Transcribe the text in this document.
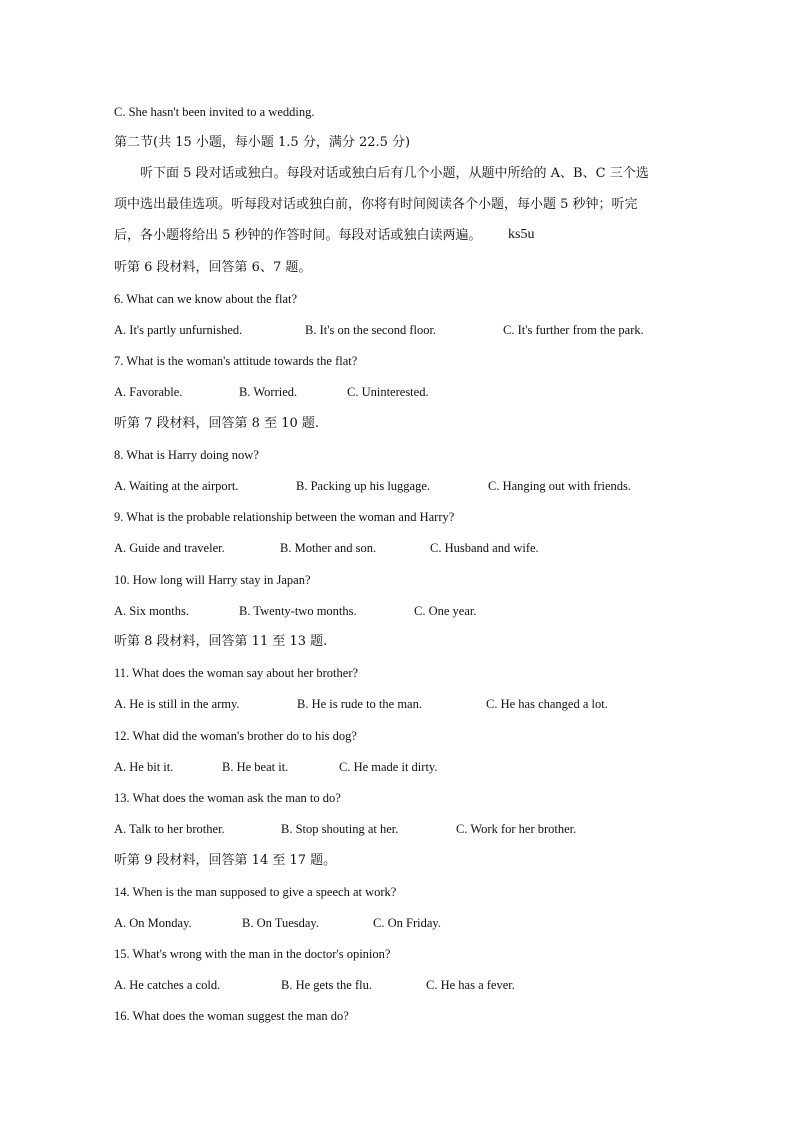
C. She hasn't been invited to a wedding.
第二节(共 15 小题，每小题 1.5 分，满分 22.5 分)
听下面 5 段对话或独白。每段对话或独白后有几个小题，从题中所给的 A、B、C 三个选
项中选出最佳选项。听每段对话或独白前，你将有时间阅读各个小题，每小题 5 秒钟；听完
后，各小题将给出 5 秒钟的作答时间。每段对话或独白读两遍。 ks5u
听第 6 段材料，回答第 6、7 题。
6. What can we know about the flat?
A. It's partly unfurnished.	B. It's on the second floor.	C. It's further from the park.
7. What is the woman's attitude towards the flat?
A. Favorable.	B. Worried.	C. Uninterested.
听第 7 段材料，回答第 8 至 10 题.
8. What is Harry doing now?
A. Waiting at the airport.	B. Packing up his luggage.	C. Hanging out with friends.
9. What is the probable relationship between the woman and Harry?
A. Guide and traveler.	B. Mother and son.	C. Husband and wife.
10. How long will Harry stay in Japan?
A. Six months.	B. Twenty-two months.	C. One year.
听第 8 段材料，回答第 11 至 13 题.
11. What does the woman say about her brother?
A. He is still in the army.	B. He is rude to the man.	C. He has changed a lot.
12. What did the woman's brother do to his dog?
A. He bit it.	B. He beat it.	C. He made it dirty.
13. What does the woman ask the man to do?
A. Talk to her brother.	B. Stop shouting at her.	C. Work for her brother.
听第 9 段材料，回答第 14 至 17 题。
14. When is the man supposed to give a speech at work?
A. On Monday.	B. On Tuesday.	C. On Friday.
15. What's wrong with the man in the doctor's opinion?
A. He catches a cold.	B. He gets the flu.	C. He has a fever.
16. What does the woman suggest the man do?
